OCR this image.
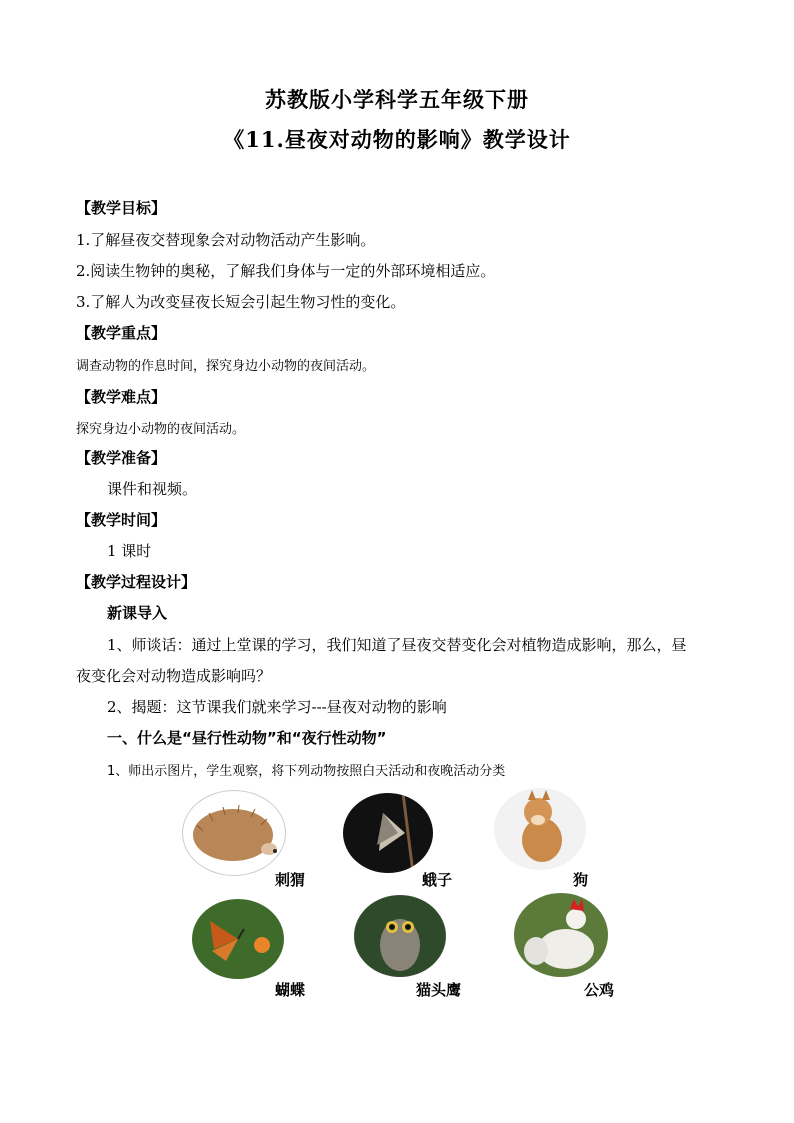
苏教版小学科学五年级下册
《11.昼夜对动物的影响》教学设计
【教学目标】
1.了解昼夜交替现象会对动物活动产生影响。
2.阅读生物钟的奥秘，了解我们身体与一定的外部环境相适应。
3.了解人为改变昼夜长短会引起生物习性的变化。
【教学重点】
调查动物的作息时间，探究身边小动物的夜间活动。
【教学难点】
探究身边小动物的夜间活动。
【教学准备】
课件和视频。
【教学时间】
1 课时
【教学过程设计】
新课导入
1、师谈话：通过上堂课的学习，我们知道了昼夜交替变化会对植物造成影响，那么，昼
夜变化会对动物造成影响吗？
2、揭题：这节课我们就来学习---昼夜对动物的影响
一、什么是“昼行性动物”和“夜行性动物”
1、师出示图片，学生观察，将下列动物按照白天活动和夜晚活动分类
刺猬	蛾子	狗
蝴蝶	猫头鹰	公鸡
